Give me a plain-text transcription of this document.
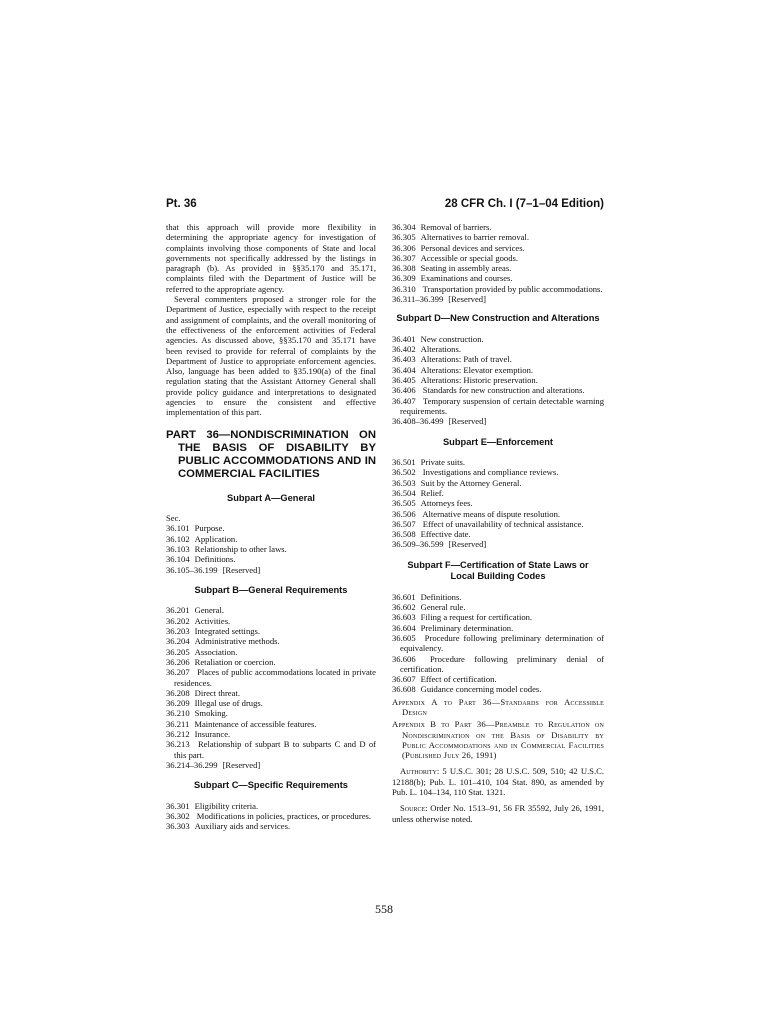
Pt. 36	28 CFR Ch. I (7–1–04 Edition)

that this approach will provide more flexibility in determining the appropriate agency for investigation of complaints involving those components of State and local governments not specifically addressed by the listings in paragraph (b). As provided in §§35.170 and 35.171, complaints filed with the Department of Justice will be referred to the appropriate agency.

Several commenters proposed a stronger role for the Department of Justice, especially with respect to the receipt and assignment of complaints, and the overall monitoring of the effectiveness of the enforcement activities of Federal agencies. As discussed above, §§35.170 and 35.171 have been revised to provide for referral of complaints by the Department of Justice to appropriate enforcement agencies. Also, language has been added to §35.190(a) of the final regulation stating that the Assistant Attorney General shall provide policy guidance and interpretations to designated agencies to ensure the consistent and effective implementation of this part.

PART 36—NONDISCRIMINATION ON THE BASIS OF DISABILITY BY PUBLIC ACCOMMODATIONS AND IN COMMERCIAL FACILITIES
Subpart A—General

Sec.

36.101 Purpose.
36.102 Application.
36.103 Relationship to other laws.
36.104 Definitions.
36.105–36.199 [Reserved]
Subpart B—General Requirements
36.201 General.
36.202 Activities.
36.203 Integrated settings.
36.204 Administrative methods.
36.205 Association.
36.206 Retaliation or coercion.
36.207 Places of public accommodations located in private residences.
36.208 Direct threat.
36.209 Illegal use of drugs.
36.210 Smoking.
36.211 Maintenance of accessible features.
36.212 Insurance.
36.213 Relationship of subpart B to subparts C and D of this part.
36.214–36.299 [Reserved]
Subpart C—Specific Requirements
36.301 Eligibility criteria.
36.302 Modifications in policies, practices, or procedures.
36.303 Auxiliary aids and services.
36.304 Removal of barriers.
36.305 Alternatives to barrier removal.
36.306 Personal devices and services.
36.307 Accessible or special goods.
36.308 Seating in assembly areas.
36.309 Examinations and courses.
36.310 Transportation provided by public accommodations.
36.311–36.399 [Reserved]
Subpart D—New Construction and Alterations
36.401 New construction.
36.402 Alterations.
36.403 Alterations: Path of travel.
36.404 Alterations: Elevator exemption.
36.405 Alterations: Historic preservation.
36.406 Standards for new construction and alterations.
36.407 Temporary suspension of certain detectable warning requirements.
36.408–36.499 [Reserved]
Subpart E—Enforcement
36.501 Private suits.
36.502 Investigations and compliance reviews.
36.503 Suit by the Attorney General.
36.504 Relief.
36.505 Attorneys fees.
36.506 Alternative means of dispute resolution.
36.507 Effect of unavailability of technical assistance.
36.508 Effective date.
36.509–36.599 [Reserved]
Subpart F—Certification of State Laws or Local Building Codes
36.601 Definitions.
36.602 General rule.
36.603 Filing a request for certification.
36.604 Preliminary determination.
36.605 Procedure following preliminary determination of equivalency.
36.606 Procedure following preliminary denial of certification.
36.607 Effect of certification.
36.608 Guidance concerning model codes.

Appendix A to Part 36—Standards for Accessible Design

Appendix B to Part 36—Preamble to Regulation on Nondiscrimination on the Basis of Disability by Public Accommodations and in Commercial Facilities (Published July 26, 1991)

Authority: 5 U.S.C. 301; 28 U.S.C. 509, 510; 42 U.S.C. 12188(b); Pub. L. 101–410, 104 Stat. 890, as amended by Pub. L. 104–134, 110 Stat. 1321.

Source: Order No. 1513–91, 56 FR 35592, July 26, 1991, unless otherwise noted.

558
